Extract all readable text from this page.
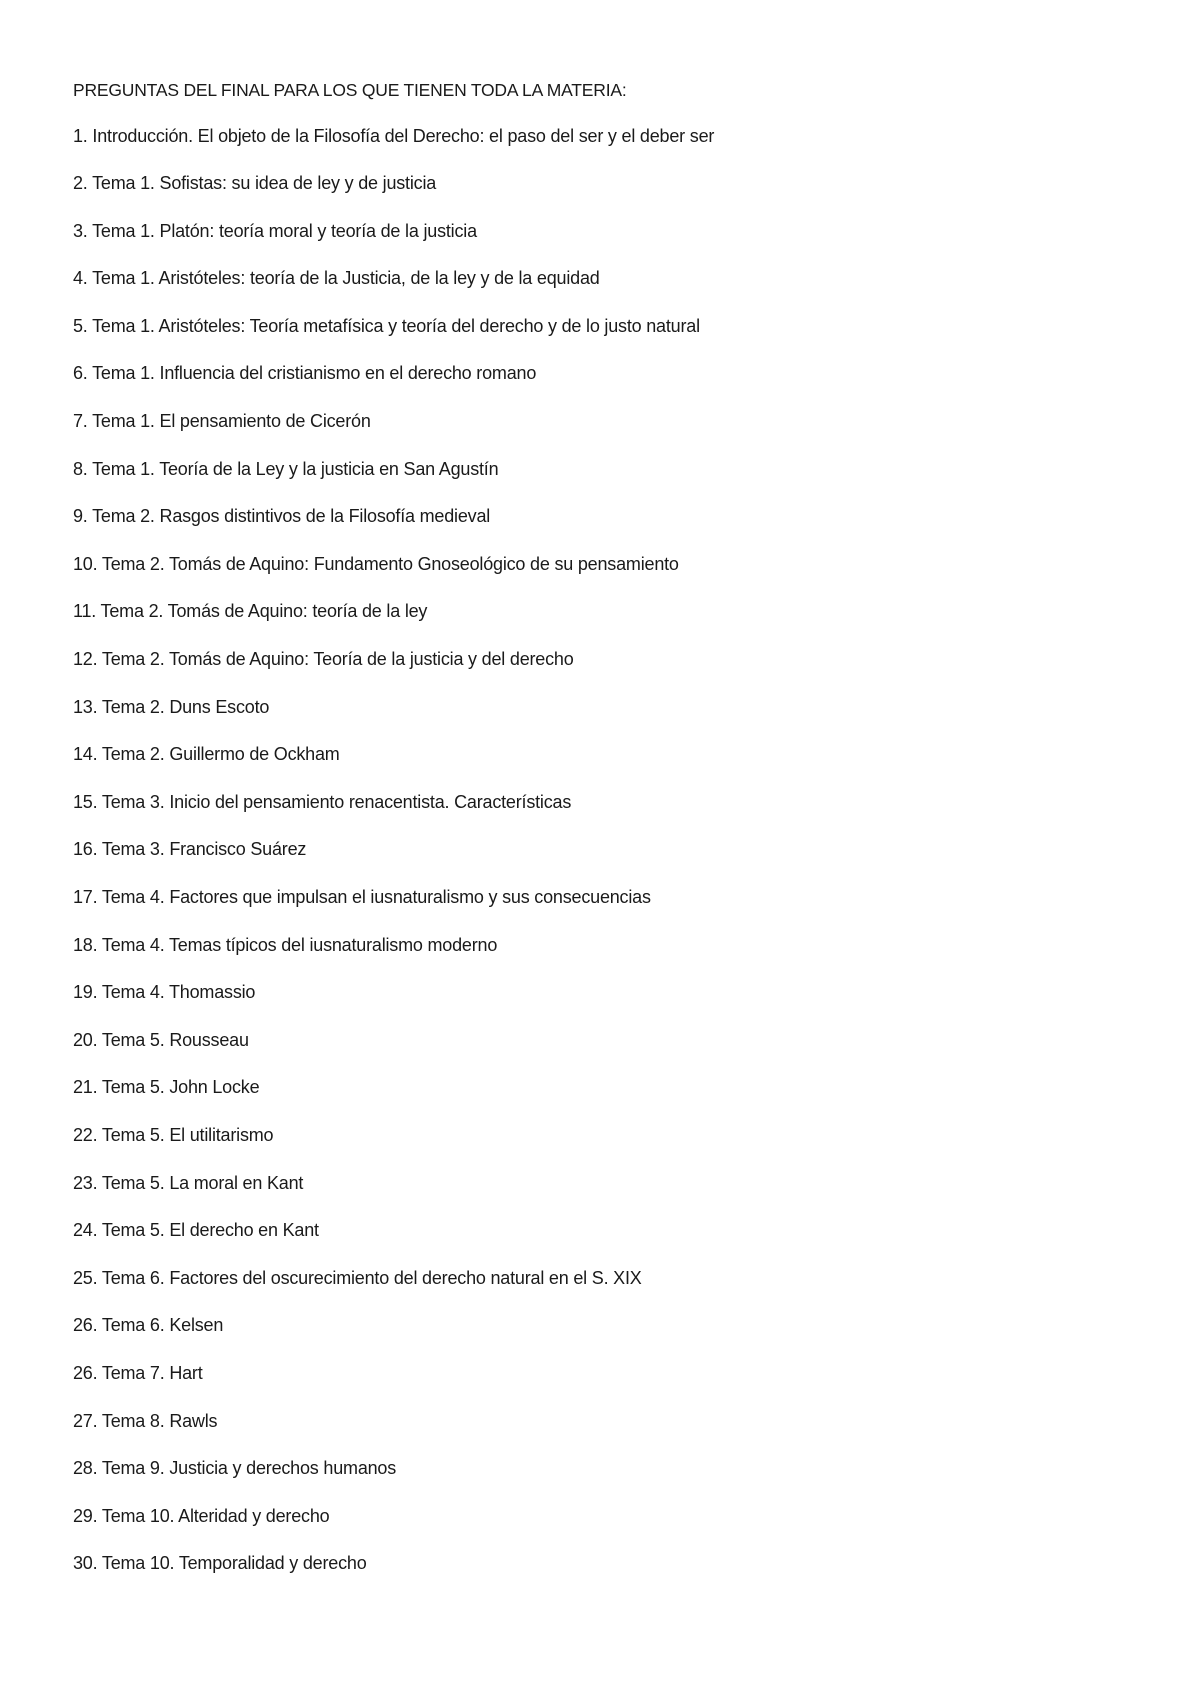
PREGUNTAS DEL FINAL PARA LOS QUE TIENEN TODA LA MATERIA:
1. Introducción. El objeto de la Filosofía del Derecho: el paso del ser y el deber ser
2. Tema 1. Sofistas: su idea de ley y de justicia
3. Tema 1. Platón: teoría moral y teoría de la justicia
4. Tema 1. Aristóteles: teoría de la Justicia, de la ley y de la equidad
5. Tema 1. Aristóteles: Teoría metafísica y teoría del derecho y de lo justo natural
6. Tema 1. Influencia del cristianismo en el derecho romano
7. Tema 1. El pensamiento de Cicerón
8. Tema 1. Teoría de la Ley y la justicia en San Agustín
9. Tema 2. Rasgos distintivos de la Filosofía medieval
10. Tema 2. Tomás de Aquino: Fundamento Gnoseológico de su pensamiento
11. Tema 2. Tomás de Aquino: teoría de la ley
12. Tema 2. Tomás de Aquino: Teoría de la justicia y del derecho
13. Tema 2. Duns Escoto
14. Tema 2. Guillermo de Ockham
15. Tema 3. Inicio del pensamiento renacentista. Características
16. Tema 3. Francisco Suárez
17. Tema 4. Factores que impulsan el iusnaturalismo y sus consecuencias
18. Tema 4. Temas típicos del iusnaturalismo moderno
19. Tema 4. Thomassio
20. Tema 5. Rousseau
21. Tema 5. John Locke
22. Tema 5. El utilitarismo
23. Tema 5. La moral en Kant
24. Tema 5. El derecho en Kant
25. Tema 6. Factores del oscurecimiento del derecho natural en el S. XIX
26. Tema 6. Kelsen
26. Tema 7. Hart
27. Tema 8. Rawls
28. Tema 9. Justicia y derechos humanos
29. Tema 10. Alteridad y derecho
30. Tema 10. Temporalidad y derecho
